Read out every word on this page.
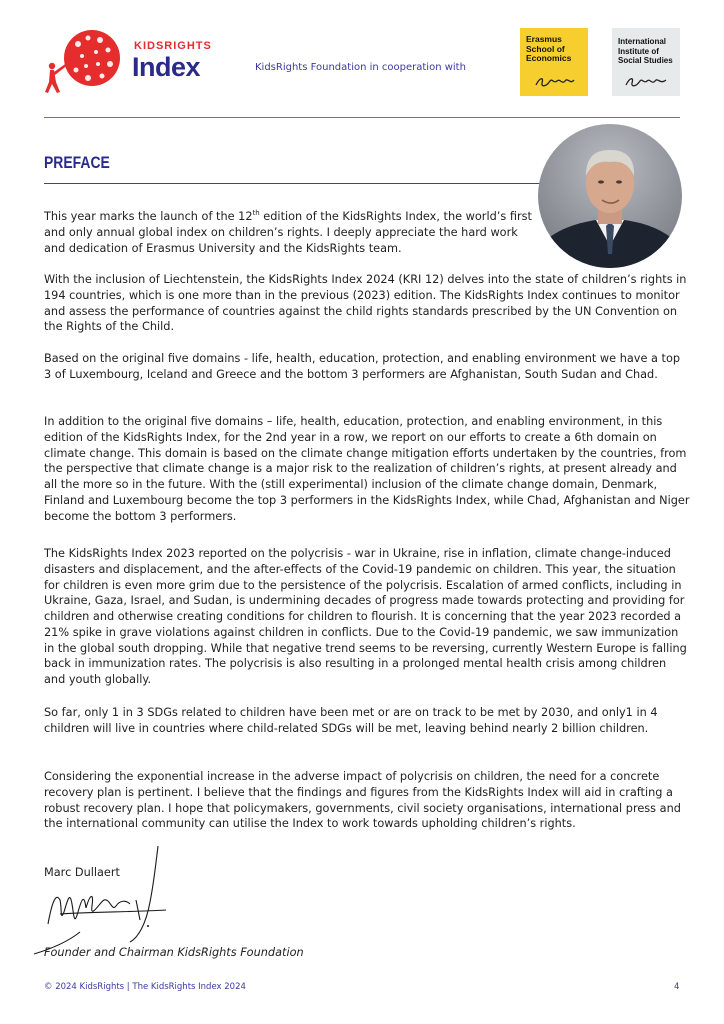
KIDSRIGHTS
Index	KidsRights Foundation in cooperation with
Erasmus
School of
Economics
International
Institute of
Social Studies
PREFACE
This year marks the launch of the 12th edition of the KidsRights Index, the world’s first and only annual global index on children’s rights. I deeply appreciate the hard work and dedication of Erasmus University and the KidsRights team.
With the inclusion of Liechtenstein, the KidsRights Index 2024 (KRI 12) delves into the state of children’s rights in 194 countries, which is one more than in the previous (2023) edition. The KidsRights Index continues to monitor and assess the performance of countries against the child rights standards prescribed by the UN Convention on the Rights of the Child.
Based on the original five domains - life, health, education, protection, and enabling environment we have a top 3 of Luxembourg, Iceland and Greece and the bottom 3 performers are Afghanistan, South Sudan and Chad.
In addition to the original five domains – life, health, education, protection, and enabling environment, in this edition of the KidsRights Index, for the 2nd year in a row, we report on our efforts to create a 6th domain on climate change. This domain is based on the climate change mitigation efforts undertaken by the countries, from the perspective that climate change is a major risk to the realization of children’s rights, at present already and all the more so in the future. With the (still experimental) inclusion of the climate change domain, Denmark, Finland and Luxembourg become the top 3 performers in the KidsRights Index, while Chad, Afghanistan and Niger become the bottom 3 performers.
The KidsRights Index 2023 reported on the polycrisis - war in Ukraine, rise in inflation, climate change-induced disasters and displacement, and the after-effects of the Covid-19 pandemic on children. This year, the situation for children is even more grim due to the persistence of the polycrisis. Escalation of armed conflicts, including in Ukraine, Gaza, Israel, and Sudan, is undermining decades of progress made towards protecting and providing for children and otherwise creating conditions for children to flourish. It is concerning that the year 2023 recorded a 21% spike in grave violations against children in conflicts. Due to the Covid-19 pandemic, we saw immunization in the global south dropping. While that negative trend seems to be reversing, currently Western Europe is falling back in immunization rates. The polycrisis is also resulting in a prolonged mental health crisis among children and youth globally.
So far, only 1 in 3 SDGs related to children have been met or are on track to be met by 2030, and only1 in 4 children will live in countries where child-related SDGs will be met, leaving behind nearly 2 billion children.
Considering the exponential increase in the adverse impact of polycrisis on children, the need for a concrete recovery plan is pertinent. I believe that the findings and figures from the KidsRights Index will aid in crafting a robust recovery plan. I hope that policymakers, governments, civil society organisations, international press and the international community can utilise the Index to work towards upholding children’s rights.
Marc Dullaert
Founder and Chairman KidsRights Foundation
© 2024 KidsRights | The KidsRights Index 2024	4
